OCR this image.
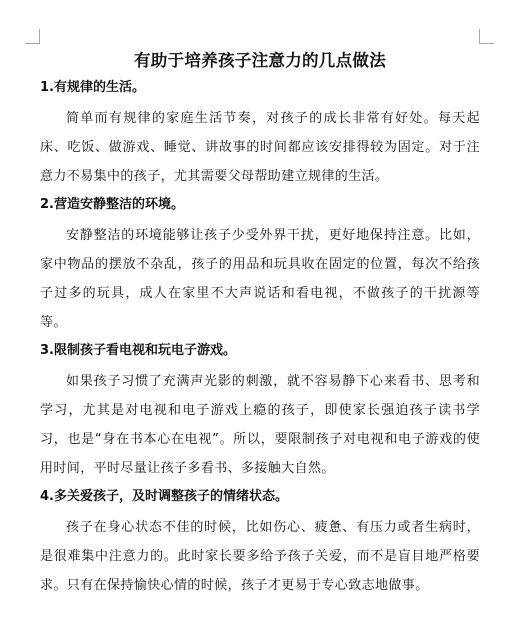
有助于培养孩子注意力的几点做法
1.有规律的生活。

简单而有规律的家庭生活节奏，对孩子的成长非常有好处。每天起床、吃饭、做游戏、睡觉、讲故事的时间都应该安排得较为固定。对于注意力不易集中的孩子，尤其需要父母帮助建立规律的生活。

2.营造安静整洁的环境。

安静整洁的环境能够让孩子少受外界干扰，更好地保持注意。比如，家中物品的摆放不杂乱，孩子的用品和玩具收在固定的位置，每次不给孩子过多的玩具，成人在家里不大声说话和看电视，不做孩子的干扰源等等。

3.限制孩子看电视和玩电子游戏。

如果孩子习惯了充满声光影的刺激，就不容易静下心来看书、思考和学习，尤其是对电视和电子游戏上瘾的孩子，即使家长强迫孩子读书学习，也是“身在书本心在电视”。所以，要限制孩子对电视和电子游戏的使用时间，平时尽量让孩子多看书、多接触大自然。

4.多关爱孩子，及时调整孩子的情绪状态。

孩子在身心状态不佳的时候，比如伤心、疲惫、有压力或者生病时，是很难集中注意力的。此时家长要多给予孩子关爱，而不是盲目地严格要求。只有在保持愉快心情的时候，孩子才更易于专心致志地做事。
